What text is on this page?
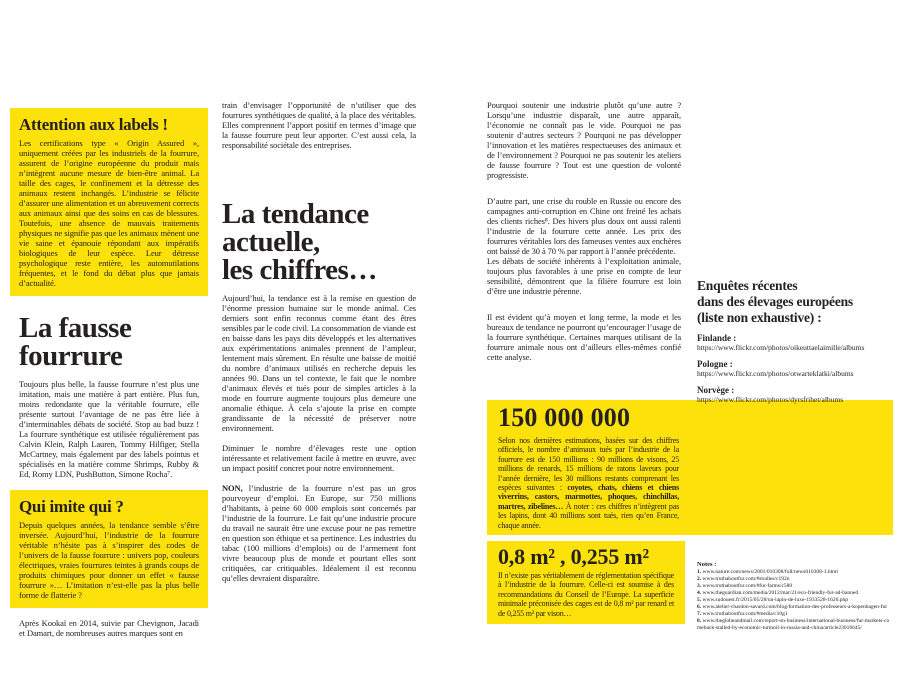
Attention aux labels !

Les certifications type « Origin Assured », uniquement créées par les industriels de la fourrure, assurent de l’origine européenne du produit mais n’intègrent aucune mesure de bien-être animal. La taille des cages, le confinement et la détresse des animaux restent inchangés. L’industrie se félicite d’assurer une alimentation et un abreuvement corrects aux animaux ainsi que des soins en cas de blessures. Toutefois, une absence de mauvais traitements physiques ne signifie pas que les animaux mènent une vie saine et épanouie répondant aux impératifs biologiques de leur espèce. Leur détresse psychologique reste entière, les automutilations fréquentes, et le fond du débat plus que jamais d’actualité.

La fausse
fourrure

Toujours plus belle, la fausse fourrure n’est plus une imitation, mais une matière à part entière. Plus fun, moins redondante que la véritable fourrure, elle présente surtout l’avantage de ne pas être liée à d’interminables débats de société. Stop au bad buzz ! La fourrure synthétique est utilisée régulièrement pas Calvin Klein, Ralph Lauren, Tommy Hilfiger, Stella McCartney, mais également par des labels pointus et spécialisés en la matière comme Shrimps, Rubby & Ed, Romy LDN, PushButton, Simone Rocha⁷.

Qui imite qui ?

Depuis quelques années, la tendance semble s’être inversée. Aujourd’hui, l’industrie de la fourrure véritable n’hésite pas à s’inspirer des codes de l’univers de la fausse fourrure : univers pop, couleurs électriques, vraies fourrures teintes à grands coups de produits chimiques pour donner un effet « fausse fourrure »… L’imitation n’est-elle pas la plus belle forme de flatterie ?

Après Kookaï en 2014, suivie par Chevignon, Jacadi et Damart, de nombreuses autres marques sont en

train d’envisager l’opportunité de n’utiliser que des fourrures synthétiques de qualité, à la place des véritables. Elles comprennent l’apport positif en termes d’image que la fausse fourrure peut leur apporter. C’est aussi cela, la responsabilité sociétale des entreprises.

La tendance
actuelle,
les chiffres…

Aujourd’hui, la tendance est à la remise en question de l’énorme pression humaine sur le monde animal. Ces derniers sont enfin reconnus comme étant des êtres sensibles par le code civil. La consommation de viande est en baisse dans les pays dits développés et les alternatives aux expérimentations animales prennent de l’ampleur, lentement mais sûrement. En résulte une baisse de moitié du nombre d’animaux utilisés en recherche depuis les années 90. Dans un tel contexte, le fait que le nombre d’animaux élevés et tués pour de simples articles à la mode en fourrure augmente toujours plus demeure une anomalie éthique. À cela s’ajoute la prise en compte grandissante de la nécessité de préserver notre environnement.

Diminuer le nombre d’élevages reste une option intéressante et relativement facile à mettre en œuvre, avec un impact positif concret pour notre environnement.

NON, l’industrie de la fourrure n’est pas un gros pourvoyeur d’emploi. En Europe, sur 750 millions d’habitants, à peine 60 000 emplois sont concernés par l’industrie de la fourrure. Le fait qu’une industrie procure du travail ne saurait être une excuse pour ne pas remettre en question son éthique et sa pertinence. Les industries du tabac (100 millions d’emplois) ou de l’armement font vivre beaucoup plus de monde et pourtant elles sont critiquées, car critiquables. Idéalement il est reconnu qu’elles devraient disparaître.

Pourquoi soutenir une industrie plutôt qu’une autre ? Lorsqu’une industrie disparaît, une autre apparaît, l’économie ne connaît pas le vide. Pourquoi ne pas soutenir d’autres secteurs ? Pourquoi ne pas développer l’innovation et les matières respectueuses des animaux et de l’environnement ? Pourquoi ne pas soutenir les ateliers de fausse fourrure ? Tout est une question de volonté progressiste.

D’autre part, une crise du rouble en Russie ou encore des campagnes anti-corruption en Chine ont freiné les achats des clients riches⁸. Des hivers plus doux ont aussi ralenti l’industrie de la fourrure cette année. Les prix des fourrures véritables lors des fameuses ventes aux enchères ont baissé de 30 à 70 % par rapport à l’année précédente.

Les débats de société inhérents à l’exploitation animale, toujours plus favorables à une prise en compte de leur sensibilité, démontrent que la filière fourrure est loin d’être une industrie pérenne.

Il est évident qu’à moyen et long terme, la mode et les bureaux de tendance ne pourront qu’encourager l’usage de la fourrure synthétique. Certaines marques utilisant de la fourrure animale nous ont d’ailleurs elles-mêmes confié cette analyse.

150 000 000

Selon nos dernières estimations, basées sur des chiffres officiels, le nombre d’animaux tués par l’industrie de la fourrure est de 150 millions : 90 millions de visons, 25 millions de renards, 15 millions de ratons laveurs pour l’année dernière, les 30 millions restants comprenant les espèces suivantes : coyotes, chats, chiens et chiens viverrins, castors, marmottes, phoques, chinchillas, martres, zibelines… À noter : ces chiffres n’intègrent pas les lapins, dont 40 millions sont tués, rien qu’en France, chaque année.

0,8 m² , 0,255 m²

Il n’existe pas véritablement de réglementation spécifique à l’industrie de la fourrure. Celle-ci est soumise à des recommandations du Conseil de l’Europe. La superficie minimale préconisée des cages est de 0,8 m² par renard et de 0,255 m² par vison…

Enquêtes récentes
dans des élevages européens
(liste non exhaustive) :
Finlande :
https://www.flickr.com/photos/oikeuttaelaimille/albums
Pologne :
https://www.flickr.com/photos/otwarteklatki/albums
Norvège :
https://www.flickr.com/photos/dyrsfrihet/albums
Notes :
1. www.nature.com/news/2001/010308/full/news010308-1.html
2. www.truthaboutfur.com/#studies/c192n
3. www.truthaboutfur.com/#fur-farms/c580
4. www.theguardian.com/media/2012/mar/21/eco-friendly-fur-ad-banned
5. www.sudouest.fr/2015/05/28/un-lapin-de-luxe-1933528-1626.php
6. www.atelier-chardon-savard.com/blog/formation-des-professeurs-a-kopenhagen-fur
7. www.truthaboutfur.com/#media/c10g1
8. www.theglobeandmail.com/report-on-business/international-business/fur-markets-comeback-stalled-by-economic-turmoil-in-russia-and-china/article23016645/
